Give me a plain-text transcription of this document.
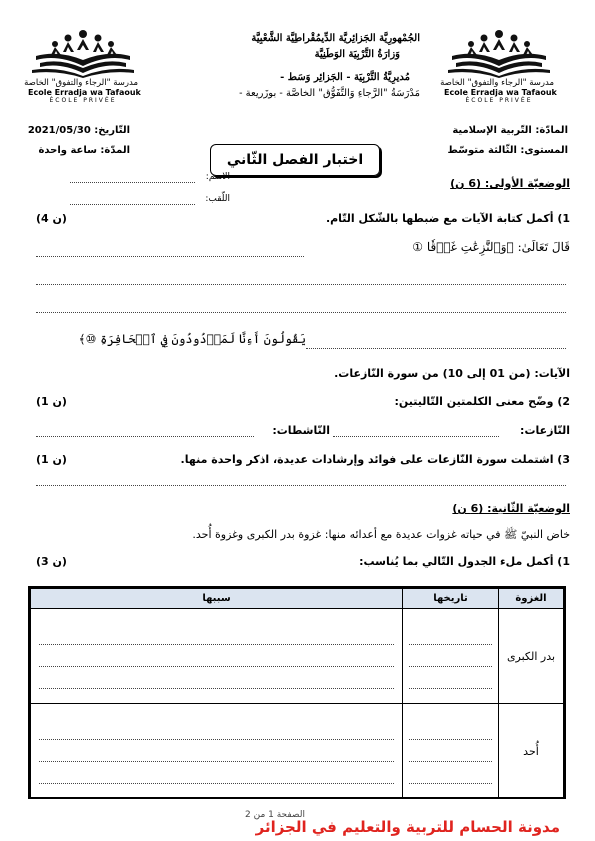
مدرسة "الرجاء والتفوق" الخاصة
Ecole Erradja wa Tafaouk
ÉCOLE PRIVÉE
مدرسة "الرجاء والتفوق" الخاصة
Ecole Erradja wa Tafaouk
ÉCOLE PRIVÉE
الجُمْهورِيَّة الجَزائِريَّة الدِّيمُقْراطِيَّة الشَّعْبِيَّة
وَزارَةُ التَّرْبِيَة الوَطَنِيَّة
مُديرِيَّةُ التَّرْبِيَة - الجَزائِر وَسَط -
مَدْرَسَةُ "الرَّجاءِ وَالتَّفَوُّق" الخاصَّة - بوزَريعة -
المادّة: التّربية الإسلامية
التّاريخ: 2021/05/30
المستوى: الثّالثة متوسّط
المدّة: ساعة واحدة
اختبار الفصل الثّاني
الاسم:
اللّقب:
الوضعيّة الأولى: (6 ن)
1) أكمل كتابة الآيات مع ضبطها بالشّكل التّام.
(4 ن)
قَالَ تَعَالَىٰ: ﴿وَٱلنَّٰزِعَٰتِ غَرۡقٗا ①
يَقُولُونَ أَءِنَّا لَمَرۡدُودُونَ فِي ٱلۡحَافِرَةِ ⑩﴾
الآيات: (من 01 إلى 10) من سورة النّازعات.
2) وضّح معنى الكلمتين التّاليتين:
(1 ن)
النّازعات:
النّاشطات:
3) اشتملت سورة النّازعات على فوائد وإرشادات عديدة، اذكر واحدة منها.
(1 ن)
الوضعيّة الثّانية: (6 ن)
خاض النبيّ ﷺ في حياته غزوات عديدة مع أعدائه منها: غزوة بدر الكبرى وغزوة أُحد.
1) أكمل ملء الجدول التّالي بما يُناسب:
(3 ن)
الغزوة	تاريخها	سببها
بدر الكبرى	

أُحد	

الصفحة 1 من 2
مدونة الحسام للتربية والتعليم في الجزائر
